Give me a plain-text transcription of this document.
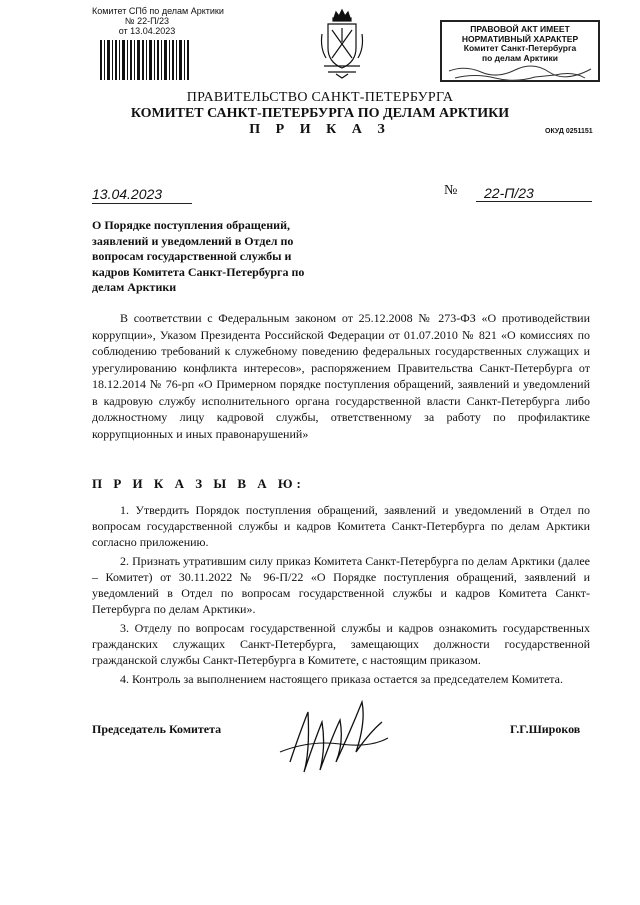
Комитет СПб по делам Арктики
№ 22-П/23
от 13.04.2023	ПРАВОВОЙ АКТ ИМЕЕТ
НОРМАТИВНЫЙ ХАРАКТЕР
Комитет Санкт-Петербурга
по делам Арктики
ПРАВИТЕЛЬСТВО САНКТ-ПЕТЕРБУРГА
КОМИТЕТ САНКТ-ПЕТЕРБУРГА ПО ДЕЛАМ АРКТИКИ
П Р И К А З	ОКУД 0251151
13.04.2023	№	22-П/23
О Порядке поступления обращений, заявлений и уведомлений в Отдел по вопросам государственной службы и кадров Комитета Санкт-Петербурга по делам Арктики
В соответствии с Федеральным законом от 25.12.2008 № 273-ФЗ «О противодействии коррупции», Указом Президента Российской Федерации от 01.07.2010 № 821 «О комиссиях по соблюдению требований к служебному поведению федеральных государственных служащих и урегулированию конфликта интересов», распоряжением Правительства Санкт-Петербурга от 18.12.2014 № 76-рп «О Примерном порядке поступления обращений, заявлений и уведомлений в кадровую службу исполнительного органа государственной власти Санкт-Петербурга либо должностному лицу кадровой службы, ответственному за работу по профилактике коррупционных и иных правонарушений»
П Р И К А З Ы В А Ю:

1. Утвердить Порядок поступления обращений, заявлений и уведомлений в Отдел по вопросам государственной службы и кадров Комитета Санкт-Петербурга по делам Арктики согласно приложению.

2. Признать утратившим силу приказ Комитета Санкт-Петербурга по делам Арктики (далее – Комитет) от 30.11.2022 № 96-П/22 «О Порядке поступления обращений, заявлений и уведомлений в Отдел по вопросам государственной службы и кадров Комитета Санкт-Петербурга по делам Арктики».

3. Отделу по вопросам государственной службы и кадров ознакомить государственных гражданских служащих Санкт-Петербурга, замещающих должности государственной гражданской службы Санкт-Петербурга в Комитете, с настоящим приказом.

4. Контроль за выполнением настоящего приказа остается за председателем Комитета.

Председатель Комитета	Г.Г.Широков
